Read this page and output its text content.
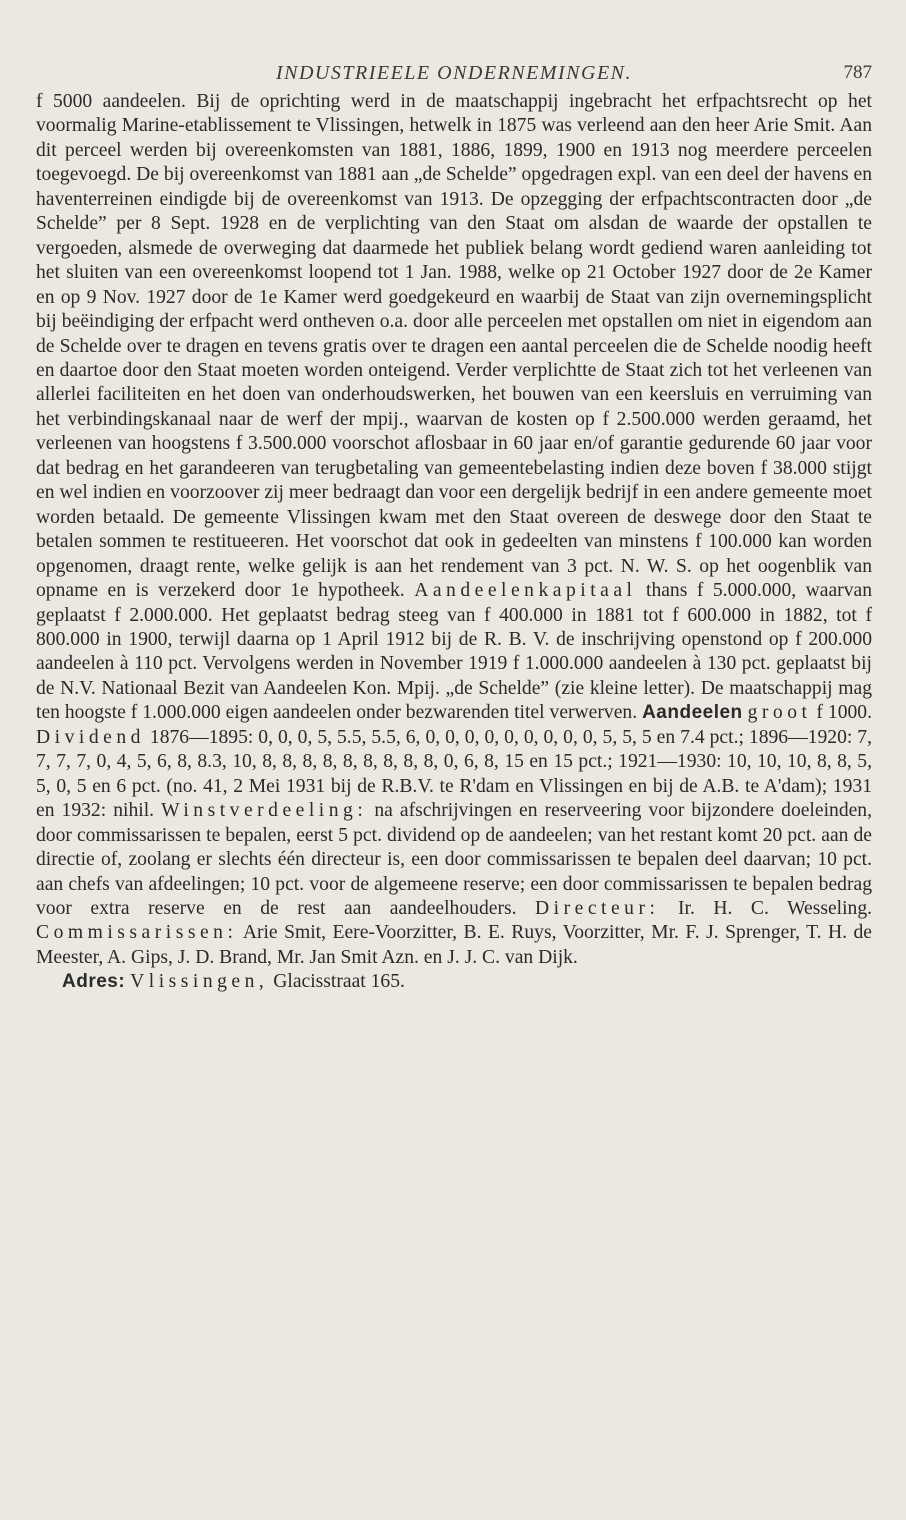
INDUSTRIEELE ONDERNEMINGEN.	787

f 5000 aandeelen. Bij de oprichting werd in de maatschappij ingebracht het erfpachtsrecht op het voormalig Marine-etablissement te Vlissingen, hetwelk in 1875 was verleend aan den heer Arie Smit. Aan dit perceel werden bij overeenkomsten van 1881, 1886, 1899, 1900 en 1913 nog meerdere perceelen toegevoegd. De bij overeenkomst van 1881 aan „de Schelde” opgedragen expl. van een deel der havens en haventerreinen eindigde bij de overeenkomst van 1913. De opzegging der erfpachtscontracten door „de Schelde” per 8 Sept. 1928 en de verplichting van den Staat om alsdan de waarde der opstallen te vergoeden, alsmede de overweging dat daarmede het publiek belang wordt gediend waren aanleiding tot het sluiten van een overeenkomst loopend tot 1 Jan. 1988, welke op 21 October 1927 door de 2e Kamer en op 9 Nov. 1927 door de 1e Kamer werd goedgekeurd en waarbij de Staat van zijn overnemingsplicht bij beëindiging der erfpacht werd ontheven o.a. door alle perceelen met opstallen om niet in eigendom aan de Schelde over te dragen en tevens gratis over te dragen een aantal perceelen die de Schelde noodig heeft en daartoe door den Staat moeten worden onteigend. Verder verplichtte de Staat zich tot het verleenen van allerlei faciliteiten en het doen van onderhoudswerken, het bouwen van een keersluis en verruiming van het verbindingskanaal naar de werf der mpij., waarvan de kosten op f 2.500.000 werden geraamd, het verleenen van hoogstens f 3.500.000 voorschot aflosbaar in 60 jaar en/of garantie gedurende 60 jaar voor dat bedrag en het garandeeren van terugbetaling van gemeentebelasting indien deze boven f 38.000 stijgt en wel indien en voorzoover zij meer bedraagt dan voor een dergelijk bedrijf in een andere gemeente moet worden betaald. De gemeente Vlissingen kwam met den Staat overeen de deswege door den Staat te betalen sommen te restitueeren. Het voorschot dat ook in gedeelten van minstens f 100.000 kan worden opgenomen, draagt rente, welke gelijk is aan het rendement van 3 pct. N. W. S. op het oogenblik van opname en is verzekerd door 1e hypotheek. Aandeelenkapitaal thans f 5.000.000, waarvan geplaatst f 2.000.000. Het geplaatst bedrag steeg van f 400.000 in 1881 tot f 600.000 in 1882, tot f 800.000 in 1900, terwijl daarna op 1 April 1912 bij de R. B. V. de inschrijving openstond op f 200.000 aandeelen à 110 pct. Vervolgens werden in November 1919 f 1.000.000 aandeelen à 130 pct. geplaatst bij de N.V. Nationaal Bezit van Aandeelen Kon. Mpij. „de Schelde” (zie kleine letter). De maatschappij mag ten hoogste f 1.000.000 eigen aandeelen onder bezwarenden titel verwerven. Aandeelen groot f 1000. Dividend 1876—1895: 0, 0, 0, 5, 5.5, 5.5, 6, 0, 0, 0, 0, 0, 0, 0, 0, 0, 5, 5, 5 en 7.4 pct.; 1896—1920: 7, 7, 7, 7, 0, 4, 5, 6, 8, 8.3, 10, 8, 8, 8, 8, 8, 8, 8, 8, 8, 0, 6, 8, 15 en 15 pct.; 1921—1930: 10, 10, 10, 8, 8, 5, 5, 0, 5 en 6 pct. (no. 41, 2 Mei 1931 bij de R.B.V. te R'dam en Vlissingen en bij de A.B. te A'dam); 1931 en 1932: nihil. Winstverdeeling: na afschrijvingen en reserveering voor bijzondere doeleinden, door commissarissen te bepalen, eerst 5 pct. dividend op de aandeelen; van het restant komt 20 pct. aan de directie of, zoolang er slechts één directeur is, een door commissarissen te bepalen deel daarvan; 10 pct. aan chefs van afdeelingen; 10 pct. voor de algemeene reserve; een door commissarissen te bepalen bedrag voor extra reserve en de rest aan aandeelhouders. Directeur: Ir. H. C. Wesseling. Commissarissen: Arie Smit, Eere-Voorzitter, B. E. Ruys, Voorzitter, Mr. F. J. Sprenger, T. H. de Meester, A. Gips, J. D. Brand, Mr. Jan Smit Azn. en J. J. C. van Dijk.

Adres: Vlissingen, Glacisstraat 165.
